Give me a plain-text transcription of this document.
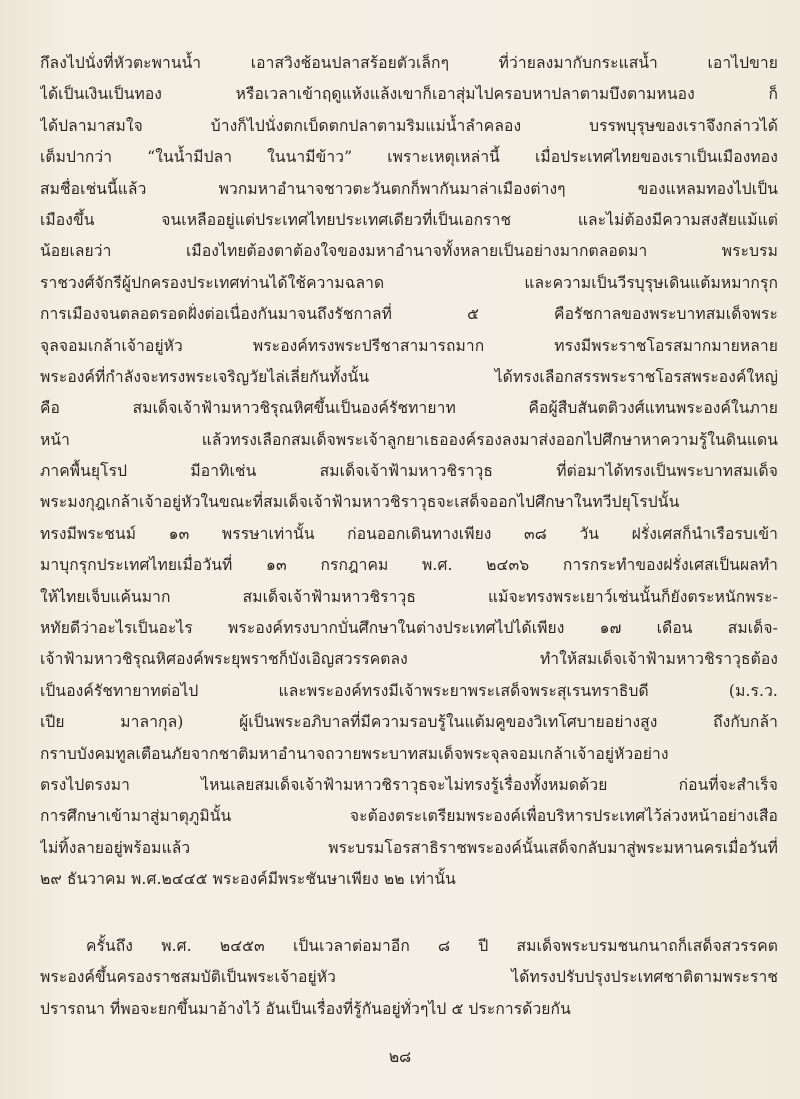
กึลงไปนั่งที่หัวตะพานน้ำ เอาสวิงช้อนปลาสร้อยตัวเล็กๆ ที่ว่ายลงมากับกระแสน้ำ เอาไปขาย
ได้เป็นเงินเป็นทอง หรือเวลาเข้าฤดูแห้งแล้งเขาก็เอาสุ่มไปครอบหาปลาตามบึงตามหนอง ก็
ได้ปลามาสมใจ บ้างก็ไปนั่งตกเบ็ดตกปลาตามริมแม่น้ำลำคลอง บรรพบุรุษของเราจึงกล่าวได้
เต็มปากว่า “ในน้ำมีปลา ในนามีข้าว” เพราะเหตุเหล่านี้ เมื่อประเทศไทยของเราเป็นเมืองทอง
สมชื่อเช่นนี้แล้ว พวกมหาอำนาจชาวตะวันตกก็พากันมาล่าเมืองต่างๆ ของแหลมทองไปเป็น
เมืองขึ้น จนเหลืออยู่แต่ประเทศไทยประเทศเดียวที่เป็นเอกราช และไม่ต้องมีความสงสัยแม้แต่
น้อยเลยว่า เมืองไทยต้องตาต้องใจของมหาอำนาจทั้งหลายเป็นอย่างมากตลอดมา พระบรม
ราชวงศ์จักรีผู้ปกครองประเทศท่านได้ใช้ความฉลาด และความเป็นวีรบุรุษเดินแต้มหมากรุก
การเมืองจนตลอดรอดฝั่งต่อเนื่องกันมาจนถึงรัชกาลที่ ๕ คือรัชกาลของพระบาทสมเด็จพระ
จุลจอมเกล้าเจ้าอยู่หัว พระองค์ทรงพระปรีชาสามารถมาก ทรงมีพระราชโอรสมากมายหลาย
พระองค์ที่กำลังจะทรงพระเจริญวัยไล่เลี่ยกันทั้งนั้น ได้ทรงเลือกสรรพระราชโอรสพระองค์ใหญ่
คือ สมเด็จเจ้าฟ้ามหาวชิรุณหิศขึ้นเป็นองค์รัชทายาท คือผู้สืบสันตติวงศ์แทนพระองค์ในภาย
หน้า แล้วทรงเลือกสมเด็จพระเจ้าลูกยาเธอองค์รองลงมาส่งออกไปศึกษาหาความรู้ในดินแดน
ภาคพื้นยุโรป มีอาทิเช่น สมเด็จเจ้าฟ้ามหาวชิราวุธ ที่ต่อมาได้ทรงเป็นพระบาทสมเด็จ
พระมงกุฎเกล้าเจ้าอยู่หัวในขณะที่สมเด็จเจ้าฟ้ามหาวชิราวุธจะเสด็จออกไปศึกษาในทวีปยุโรปนั้น
ทรงมีพระชนม์ ๑๓ พรรษาเท่านั้น ก่อนออกเดินทางเพียง ๓๘ วัน ฝรั่งเศสก็นำเรือรบเข้า
มาบุกรุกประเทศไทยเมื่อวันที่ ๑๓ กรกฎาคม พ.ศ. ๒๔๓๖ การกระทำของฝรั่งเศสเป็นผลทำ
ให้ไทยเจ็บแค้นมาก สมเด็จเจ้าฟ้ามหาวชิราวุธ แม้จะทรงพระเยาว์เช่นนั้นก็ยังตระหนักพระ-
หทัยดีว่าอะไรเป็นอะไร พระองค์ทรงบากบั่นศึกษาในต่างประเทศไปได้เพียง ๑๗ เดือน สมเด็จ-
เจ้าฟ้ามหาวชิรุณหิศองค์พระยุพราชก็บังเอิญสวรรคตลง ทำให้สมเด็จเจ้าฟ้ามหาวชิราวุธต้อง
เป็นองค์รัชทายาทต่อไป และพระองค์ทรงมีเจ้าพระยาพระเสด็จพระสุเรนทราธิบดี (ม.ร.ว.
เปีย มาลากุล) ผู้เป็นพระอภิบาลที่มีความรอบรู้ในแต้มคูของวิเทโศบายอย่างสูง ถึงกับกล้า
กราบบังคมทูลเตือนภัยจากชาติมหาอำนาจถวายพระบาทสมเด็จพระจุลจอมเกล้าเจ้าอยู่หัวอย่าง
ตรงไปตรงมา ไหนเลยสมเด็จเจ้าฟ้ามหาวชิราวุธจะไม่ทรงรู้เรื่องทั้งหมดด้วย ก่อนที่จะสำเร็จ
การศึกษาเข้ามาสู่มาตุภูมินั้น จะต้องตระเตรียมพระองค์เพื่อบริหารประเทศไว้ล่วงหน้าอย่างเสือ
ไม่ทิ้งลายอยู่พร้อมแล้ว พระบรมโอรสาธิราชพระองค์นั้นเสด็จกลับมาสู่พระมหานครเมื่อวันที่
๒๙ ธันวาคม พ.ศ.๒๔๔๕ พระองค์มีพระชันษาเพียง ๒๒ เท่านั้น
ครั้นถึง พ.ศ. ๒๔๕๓ เป็นเวลาต่อมาอีก ๘ ปี สมเด็จพระบรมชนกนาถก็เสด็จสวรรคต
พระองค์ขึ้นครองราชสมบัติเป็นพระเจ้าอยู่หัว ได้ทรงปรับปรุงประเทศชาติตามพระราช
ปรารถนา ที่พอจะยกขึ้นมาอ้างไว้ อันเป็นเรื่องที่รู้กันอยู่ทั่วๆไป ๕ ประการด้วยกัน
๒๘
